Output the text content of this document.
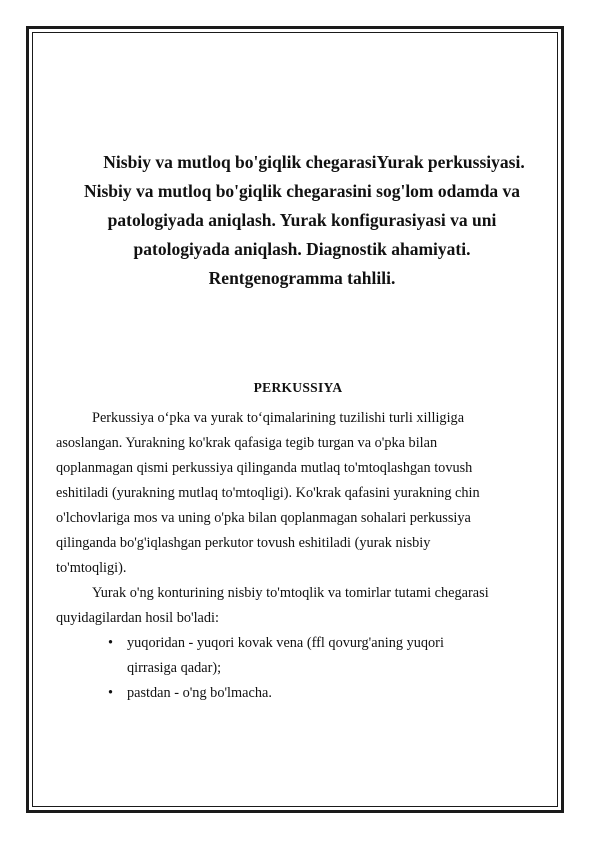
Nisbiy va mutloq bo'giqlik chegarasiYurak perkussiyasi.
Nisbiy va mutloq bo'giqlik chegarasini sog'lom odamda va
patologiyada aniqlash. Yurak konfigurasiyasi va uni
patologiyada aniqlash. Diagnostik ahamiyati.
Rentgenogramma tahlili.
PERKUSSIYA

Perkussiya o‘pka va yurak to‘qimalarining tuzilishi turli xilligiga
asoslangan. Yurakning ko'krak qafasiga tegib turgan va o'pka bilan
qoplanmagan qismi perkussiya qilinganda mutlaq to'mtoqlashgan tovush
eshitiladi (yurakning mutlaq to'mtoqligi). Ko'krak qafasini yurakning chin
o'lchovlariga mos va uning o'pka bilan qoplanmagan sohalari perkussiya
qilinganda bo'g'iqlashgan perkutor tovush eshitiladi (yurak nisbiy
to'mtoqligi).

Yurak o'ng konturining nisbiy to'mtoqlik va tomirlar tutami chegarasi
quyidagilardan hosil bo'ladi:

• yuqoridan - yuqori kovak vena (ffl qovurg'aning yuqori
qirrasiga qadar);
• pastdan - o'ng bo'lmacha.
